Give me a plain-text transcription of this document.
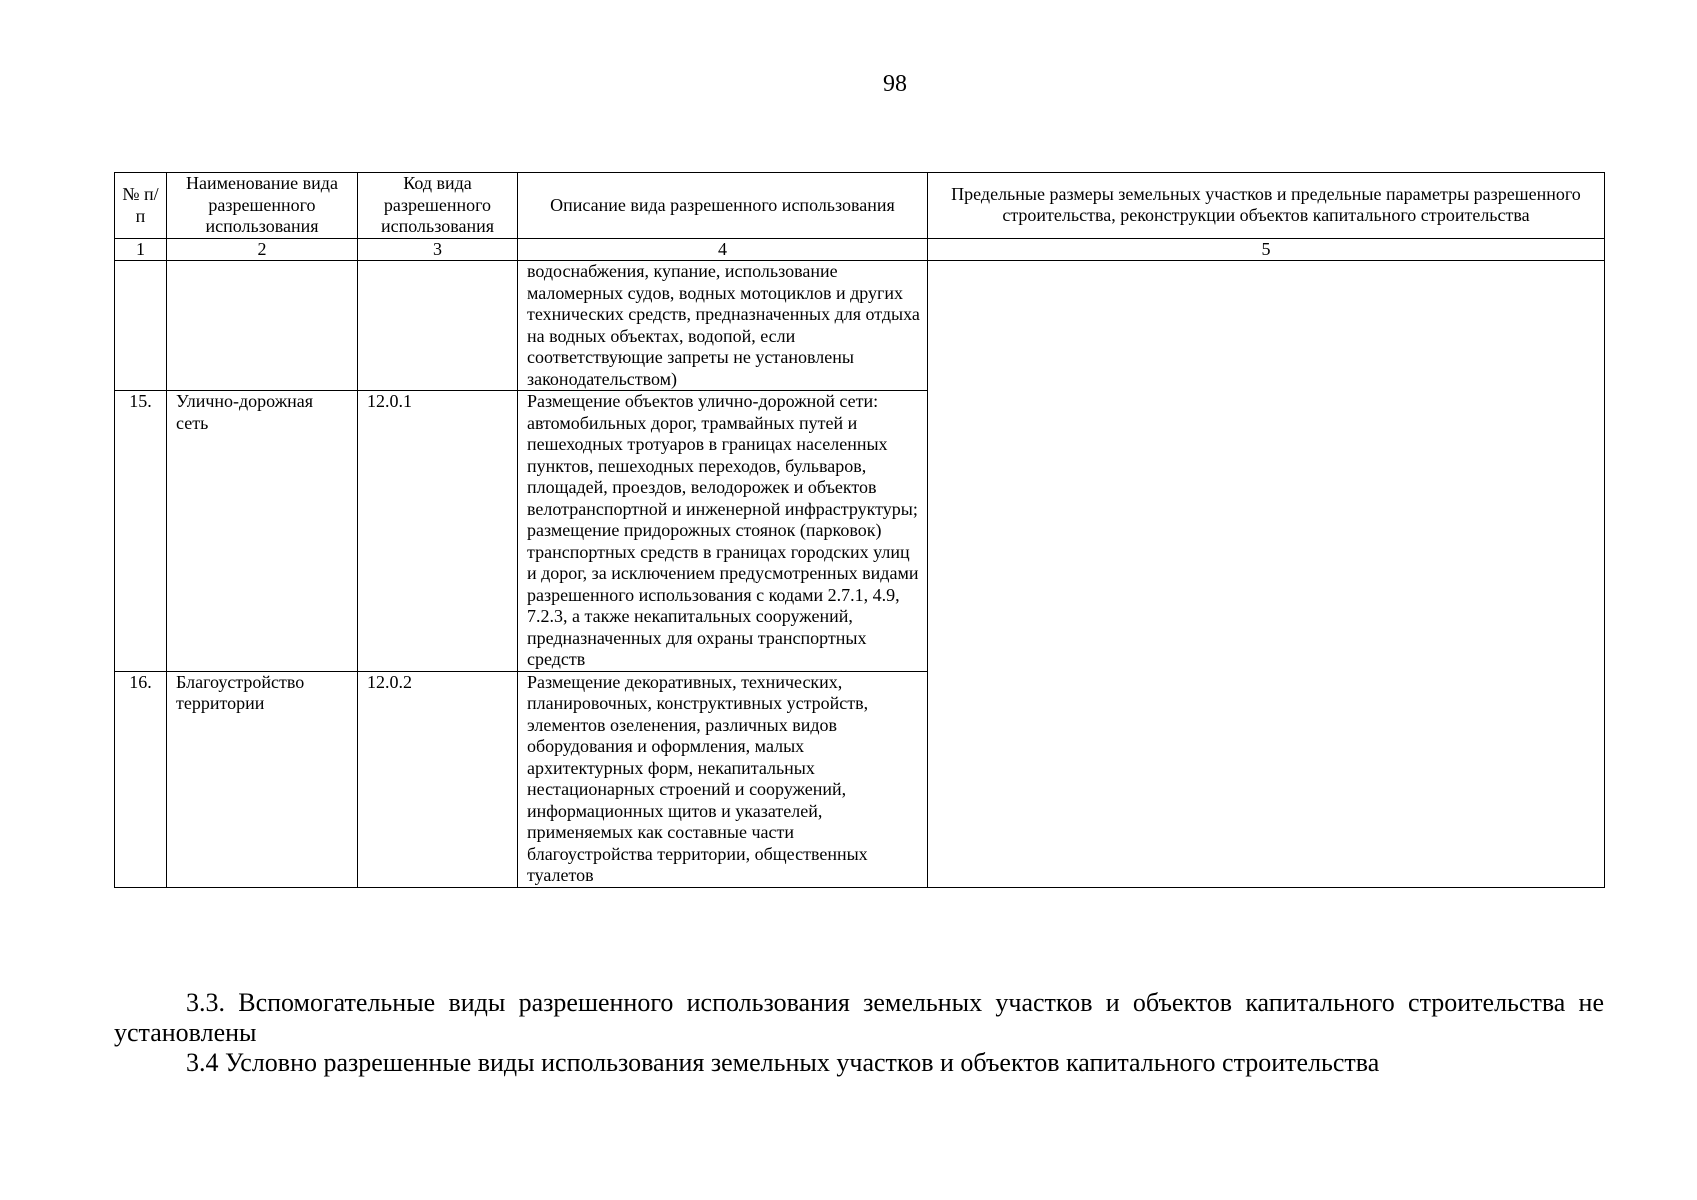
98
№ п/п	Наименование вида разрешенного использования	Код вида разрешенного использования	Описание вида разрешенного использования	Предельные размеры земельных участков и предельные параметры разрешенного строительства, реконструкции объектов капитального строительства
1	2	3	4	5
			водоснабжения, купание, использование маломерных судов, водных мотоциклов и других технических средств, предназначенных для отдыха на водных объектах, водопой, если соответствующие запреты не установлены законодательством)	
15.	Улично-дорожная сеть	12.0.1	Размещение объектов улично-дорожной сети: автомобильных дорог, трамвайных путей и пешеходных тротуаров в границах населенных пунктов, пешеходных переходов, бульваров, площадей, проездов, велодорожек и объектов велотранспортной и инженерной инфраструктуры; размещение придорожных стоянок (парковок) транспортных средств в границах городских улиц и дорог, за исключением предусмотренных видами разрешенного использования с кодами 2.7.1, 4.9, 7.2.3, а также некапитальных сооружений, предназначенных для охраны транспортных средств	
16.	Благоустройство территории	12.0.2	Размещение декоративных, технических, планировочных, конструктивных устройств, элементов озеленения, различных видов оборудования и оформления, малых архитектурных форм, некапитальных нестационарных строений и сооружений, информационных щитов и указателей, применяемых как составные части благоустройства территории, общественных туалетов	
3.3. Вспомогательные виды разрешенного использования земельных участков и объектов капитального строительства не установлены
3.4 Условно разрешенные виды использования земельных участков и объектов капитального строительства
